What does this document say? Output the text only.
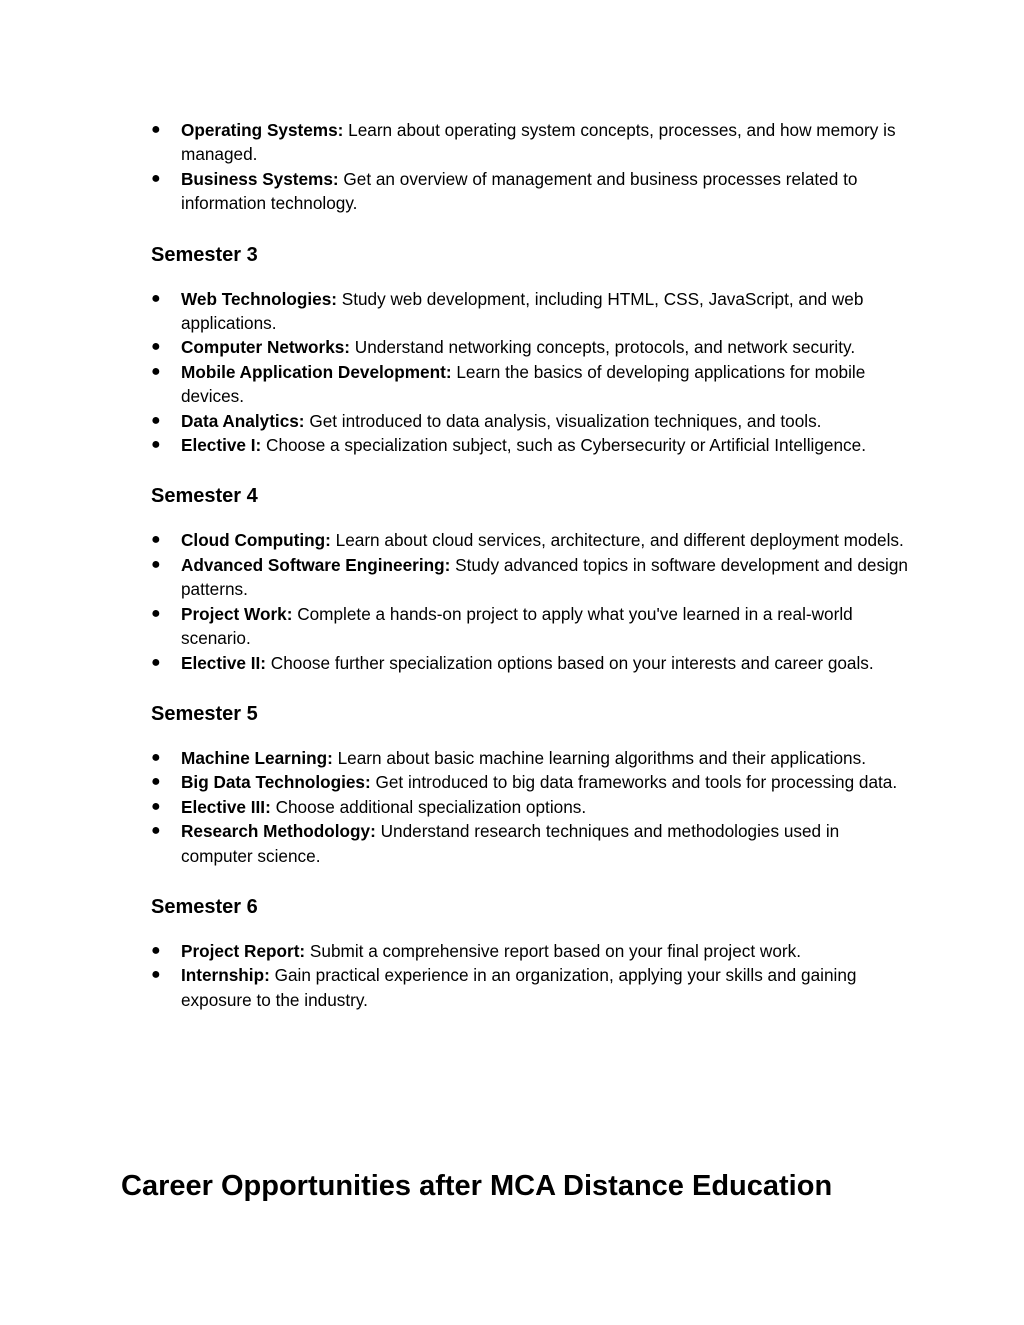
● Operating Systems: Learn about operating system concepts, processes, and how memory is managed.
● Business Systems: Get an overview of management and business processes related to information technology.
Semester 3
● Web Technologies: Study web development, including HTML, CSS, JavaScript, and web applications.
● Computer Networks: Understand networking concepts, protocols, and network security.
● Mobile Application Development: Learn the basics of developing applications for mobile devices.
● Data Analytics: Get introduced to data analysis, visualization techniques, and tools.
● Elective I: Choose a specialization subject, such as Cybersecurity or Artificial Intelligence.
Semester 4
● Cloud Computing: Learn about cloud services, architecture, and different deployment models.
● Advanced Software Engineering: Study advanced topics in software development and design patterns.
● Project Work: Complete a hands-on project to apply what you've learned in a real-world scenario.
● Elective II: Choose further specialization options based on your interests and career goals.
Semester 5
● Machine Learning: Learn about basic machine learning algorithms and their applications.
● Big Data Technologies: Get introduced to big data frameworks and tools for processing data.
● Elective III: Choose additional specialization options.
● Research Methodology: Understand research techniques and methodologies used in computer science.
Semester 6
● Project Report: Submit a comprehensive report based on your final project work.
● Internship: Gain practical experience in an organization, applying your skills and gaining exposure to the industry.
Career Opportunities after MCA Distance Education
